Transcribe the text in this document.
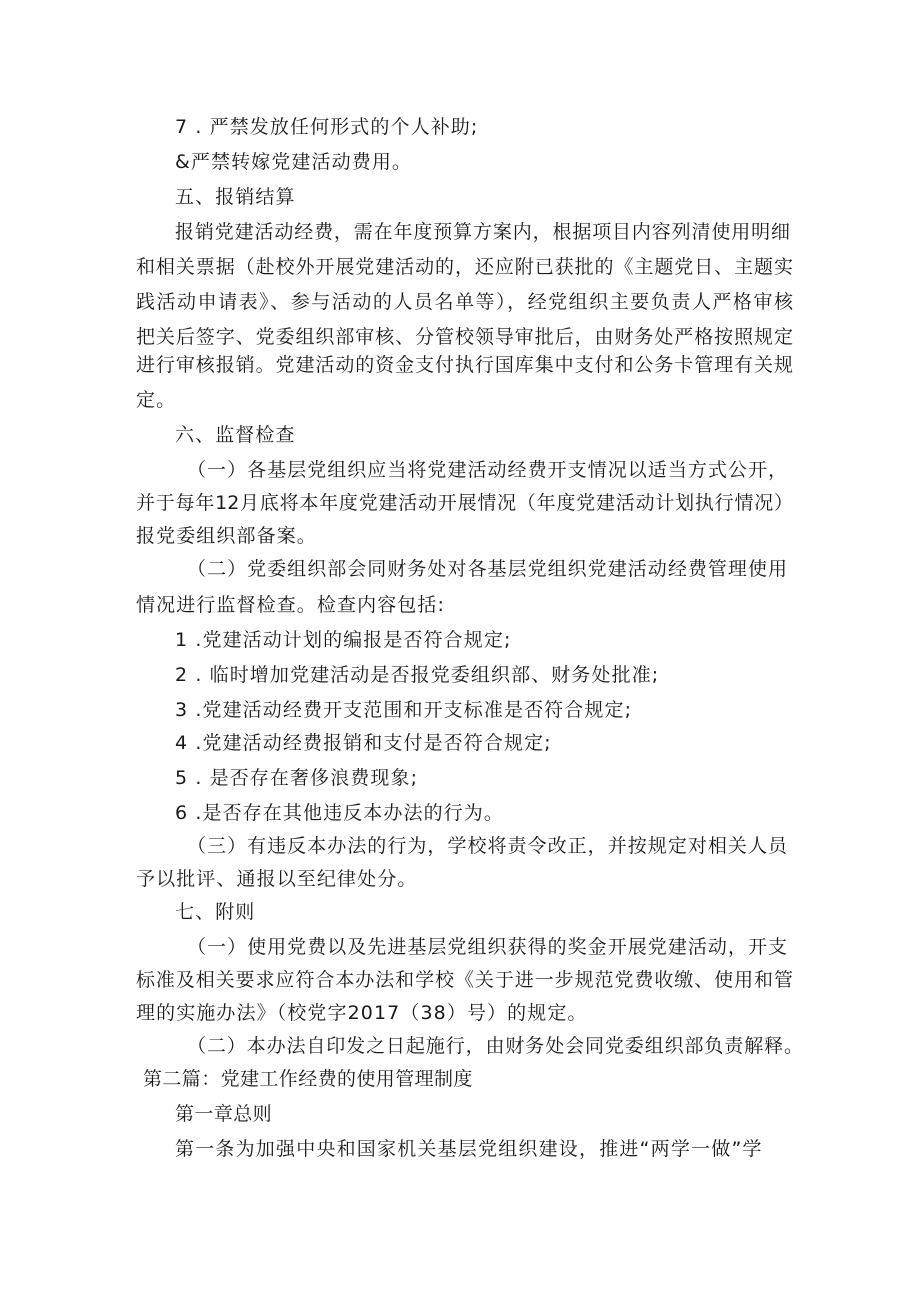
7 . 严禁发放任何形式的个人补助;

&严禁转嫁党建活动费用。

五、报销结算

报销党建活动经费，需在年度预算方案内，根据项目内容列清使用明细

和相关票据（赴校外开展党建活动的，还应附已获批的《主题党日、主题实

践活动申请表》、参与活动的人员名单等），经党组织主要负责人严格审核

把关后签字、党委组织部审核、分管校领导审批后，由财务处严格按照规定

进行审核报销。党建活动的资金支付执行国库集中支付和公务卡管理有关规

定。

六、监督检查

（一）各基层党组织应当将党建活动经费开支情况以适当方式公开，

并于每年12月底将本年度党建活动开展情况（年度党建活动计划执行情况）

报党委组织部备案。

（二）党委组织部会同财务处对各基层党组织党建活动经费管理使用

情况进行监督检查。检查内容包括:

1 .党建活动计划的编报是否符合规定;

2 . 临时增加党建活动是否报党委组织部、财务处批准;

3 .党建活动经费开支范围和开支标准是否符合规定;

4 .党建活动经费报销和支付是否符合规定;

5 . 是否存在奢侈浪费现象;

6 .是否存在其他违反本办法的行为。

（三）有违反本办法的行为，学校将责令改正，并按规定对相关人员

予以批评、通报以至纪律处分。

七、附则

（一）使用党费以及先进基层党组织获得的奖金开展党建活动，开支

标准及相关要求应符合本办法和学校《关于进一步规范党费收缴、使用和管

理的实施办法》（校党字2017（38）号）的规定。

（二）本办法自印发之日起施行，由财务处会同党委组织部负责解释。

第二篇：党建工作经费的使用管理制度

第一章总则

第一条为加强中央和国家机关基层党组织建设，推进“两学一做”学
